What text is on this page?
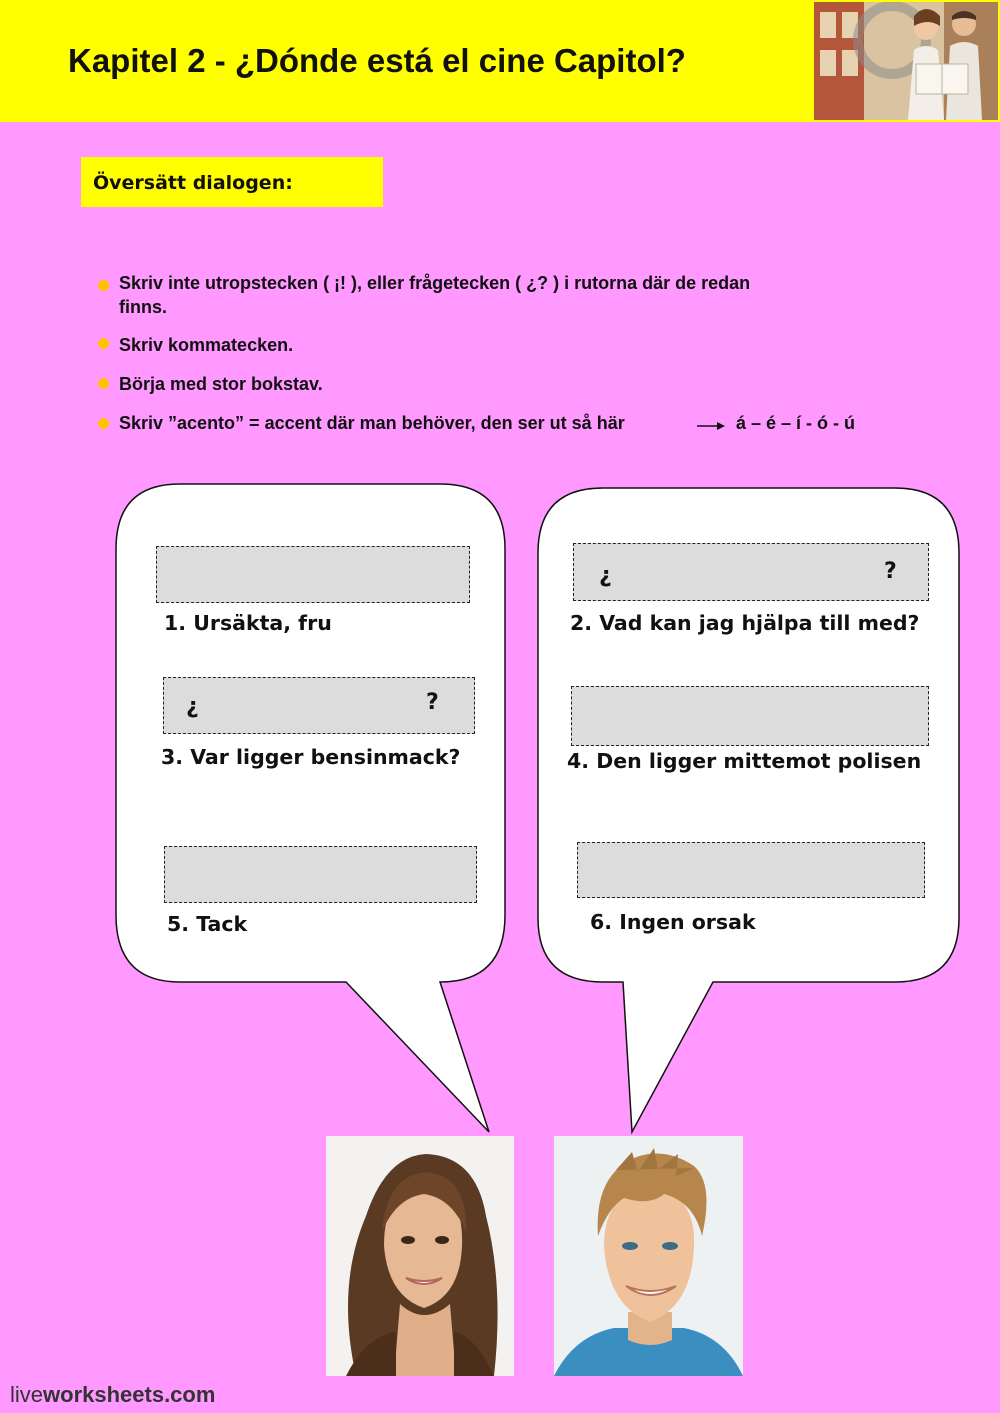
Kapitel 2 - ¿Dónde está el cine Capitol?
Översätt dialogen:
Skriv inte utropstecken ( ¡! ), eller frågetecken ( ¿? ) i rutorna där de redan
finns.
Skriv kommatecken.
Börja med stor bokstav.
Skriv ”acento” = accent där man behöver, den ser ut så här	á – é – í - ó - ú
1. Ursäkta, fru
¿	?
3. Var ligger bensinmack?
5. Tack
¿	?
2. Vad kan jag hjälpa till med?
4. Den ligger mittemot polisen
6. Ingen orsak
liveworksheets.com
